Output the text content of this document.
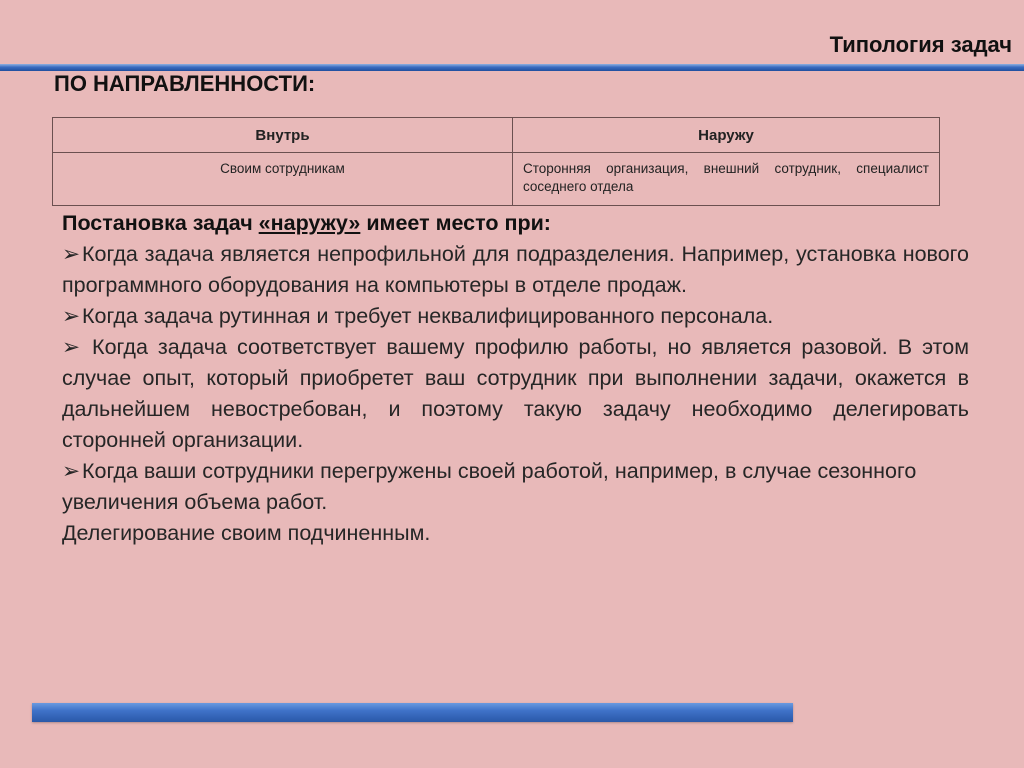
Типология задач
ПО НАПРАВЛЕННОСТИ:
Внутрь	Наружу
Своим сотрудникам	Сторонняя организация, внешний сотрудник, специалист соседнего отдела

Постановка задач «наружу» имеет место при:

➢Когда задача является непрофильной для подразделения. Например, установка нового программного оборудования на компьютеры в отделе продаж.

➢Когда задача рутинная и требует неквалифицированного персонала.

➢ Когда задача соответствует вашему профилю работы, но является разовой. В этом случае опыт, который приобретет ваш сотрудник при выполнении задачи, окажется в дальнейшем невостребован, и поэтому такую задачу необходимо делегировать сторонней организации.

➢Когда ваши сотрудники перегружены своей работой, например, в случае сезонного увеличения объема работ.

Делегирование своим подчиненным.
